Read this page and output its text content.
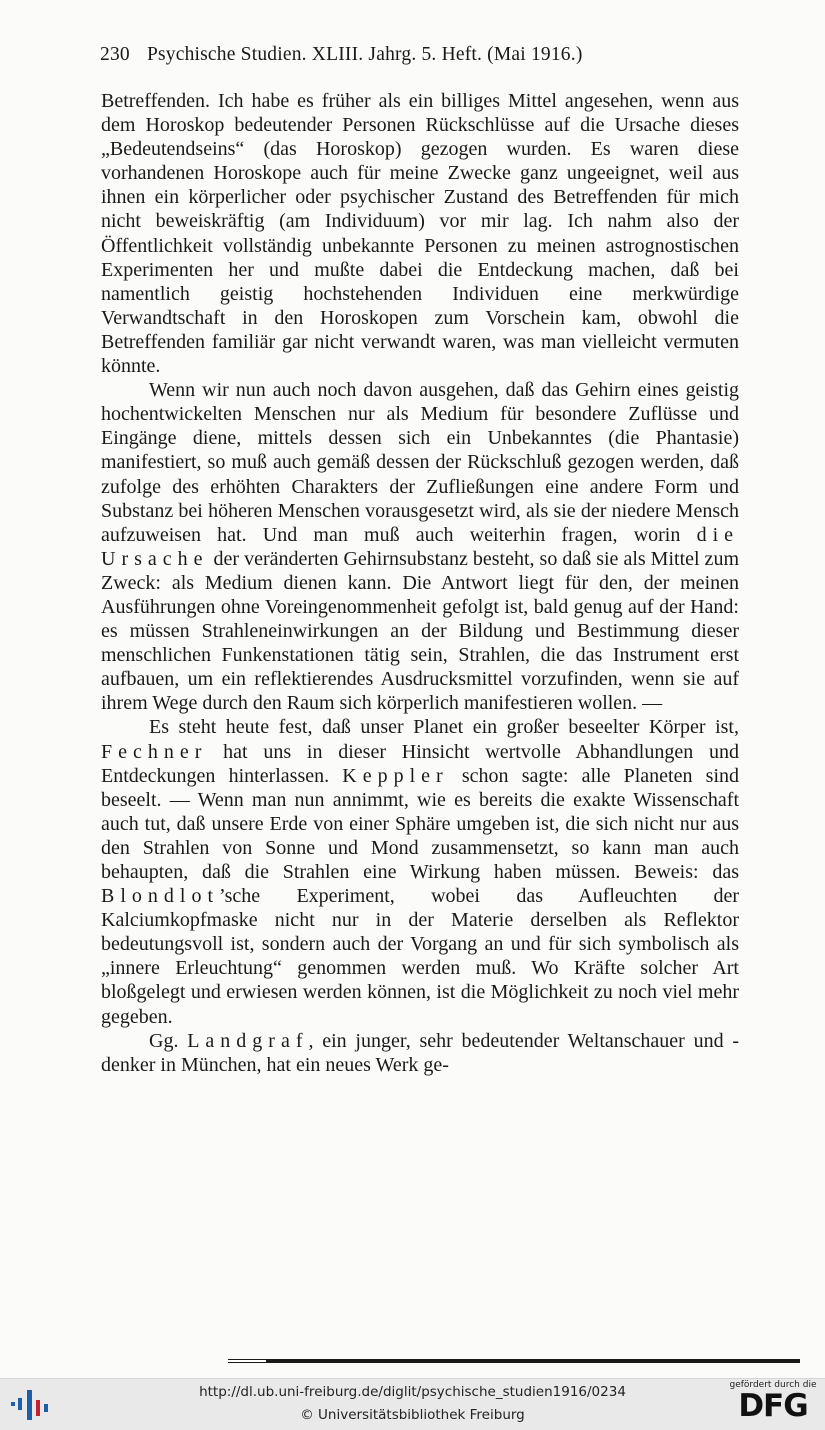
230 Psychische Studien. XLIII. Jahrg. 5. Heft. (Mai 1916.)

Betreffenden. Ich habe es früher als ein billiges Mittel angesehen, wenn aus dem Horoskop bedeutender Personen Rückschlüsse auf die Ursache dieses „Bedeutendseins“ (das Horoskop) gezogen wurden. Es waren diese vorhandenen Horoskope auch für meine Zwecke ganz ungeeignet, weil aus ihnen ein körperlicher oder psychischer Zustand des Betreffenden für mich nicht beweiskräftig (am Individuum) vor mir lag. Ich nahm also der Öffentlichkeit vollständig unbekannte Personen zu meinen astrognostischen Experimenten her und mußte dabei die Entdeckung machen, daß bei namentlich geistig hochstehenden Individuen eine merkwürdige Verwandtschaft in den Horoskopen zum Vorschein kam, obwohl die Betreffenden familiär gar nicht verwandt waren, was man vielleicht vermuten könnte.

Wenn wir nun auch noch davon ausgehen, daß das Gehirn eines geistig hochentwickelten Menschen nur als Medium für besondere Zuflüsse und Eingänge diene, mittels dessen sich ein Unbekanntes (die Phantasie) manifestiert, so muß auch gemäß dessen der Rückschluß gezogen werden, daß zufolge des erhöhten Charakters der Zufließungen eine andere Form und Substanz bei höheren Menschen vorausgesetzt wird, als sie der niedere Mensch aufzuweisen hat. Und man muß auch weiterhin fragen, worin die Ursache der veränderten Gehirnsubstanz besteht, so daß sie als Mittel zum Zweck: als Medium dienen kann. Die Antwort liegt für den, der meinen Ausführungen ohne Voreingenommenheit gefolgt ist, bald genug auf der Hand: es müssen Strahleneinwirkungen an der Bildung und Bestimmung dieser menschlichen Funkenstationen tätig sein, Strahlen, die das Instrument erst aufbauen, um ein reflektierendes Ausdrucksmittel vorzufinden, wenn sie auf ihrem Wege durch den Raum sich körperlich manifestieren wollen. —

Es steht heute fest, daß unser Planet ein großer beseelter Körper ist, Fechner hat uns in dieser Hinsicht wertvolle Abhandlungen und Entdeckungen hinterlassen. Keppler schon sagte: alle Planeten sind beseelt. — Wenn man nun annimmt, wie es bereits die exakte Wissenschaft auch tut, daß unsere Erde von einer Sphäre umgeben ist, die sich nicht nur aus den Strahlen von Sonne und Mond zusammensetzt, so kann man auch behaupten, daß die Strahlen eine Wirkung haben müssen. Beweis: das Blondlot’sche Experiment, wobei das Aufleuchten der Kalciumkopfmaske nicht nur in der Materie derselben als Reflektor bedeutungsvoll ist, sondern auch der Vorgang an und für sich symbolisch als „innere Erleuchtung“ genommen werden muß. Wo Kräfte solcher Art bloßgelegt und erwiesen werden können, ist die Möglichkeit zu noch viel mehr gegeben.

Gg. Landgraf, ein junger, sehr bedeutender Weltanschauer und -denker in München, hat ein neues Werk ge-

http://dl.ub.uni-freiburg.de/diglit/psychische_studien1916/0234
© Universitätsbibliothek Freiburg
gefördert durch die
DFG
